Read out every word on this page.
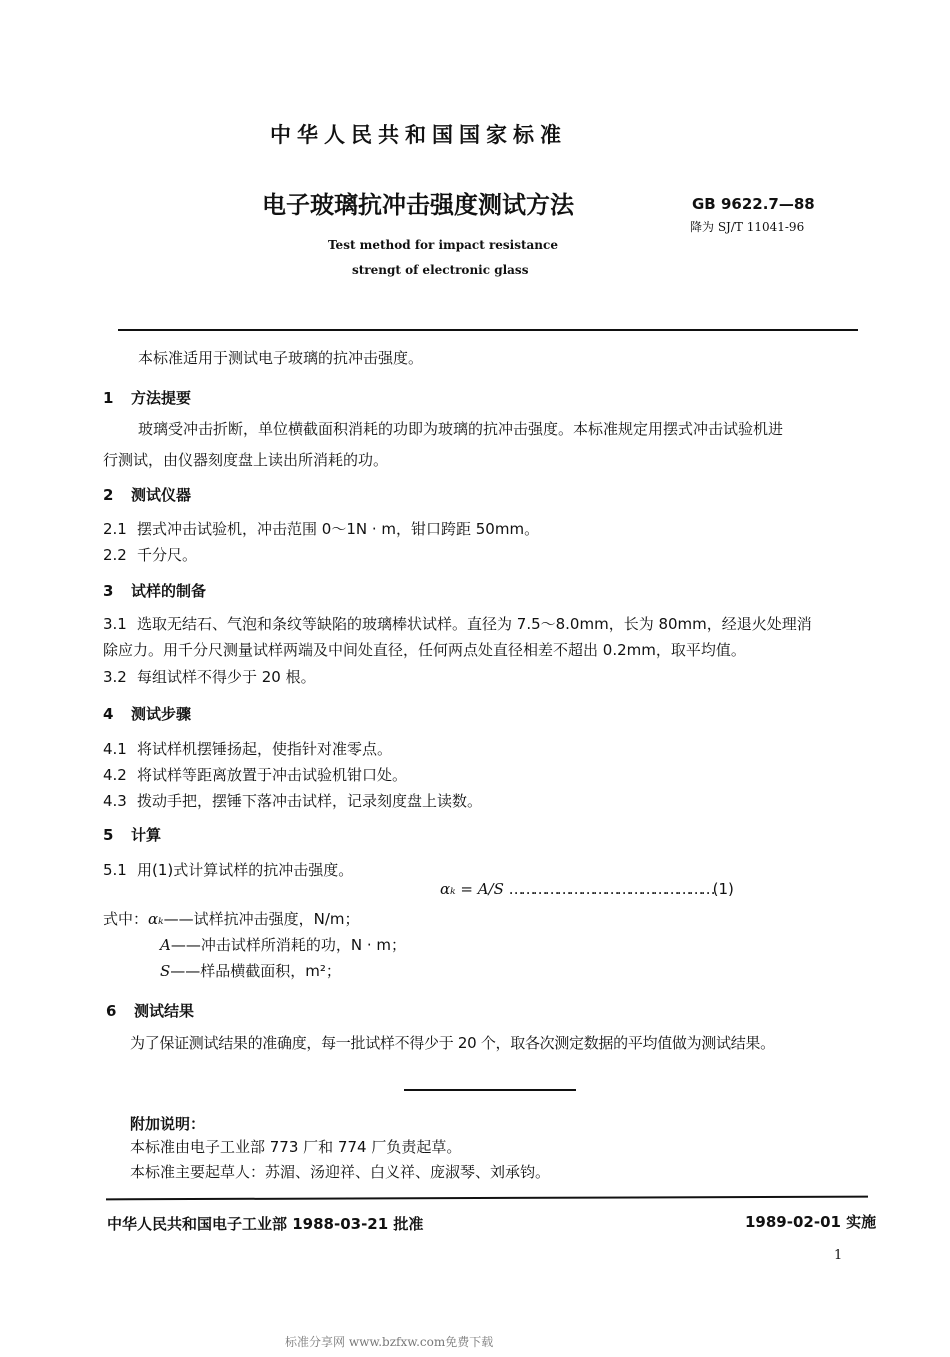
中华人民共和国国家标准
电子玻璃抗冲击强度测试方法	GB 9622.7—88
降为 SJ/T 11041-96
Test method for impact resistance
strengt of electronic glass
本标准适用于测试电子玻璃的抗冲击强度。
1 方法提要
玻璃受冲击折断，单位横截面积消耗的功即为玻璃的抗冲击强度。本标准规定用摆式冲击试验机进
行测试，由仪器刻度盘上读出所消耗的功。
2 测试仪器
2.1 摆式冲击试验机，冲击范围 0～1N · m，钳口跨距 50mm。
2.2 千分尺。
3 试样的制备
3.1 选取无结石、气泡和条纹等缺陷的玻璃棒状试样。直径为 7.5～8.0mm，长为 80mm，经退火处理消
除应力。用千分尺测量试样两端及中间处直径，任何两点处直径相差不超出 0.2mm，取平均值。
3.2 每组试样不得少于 20 根。
4 测试步骤
4.1 将试样机摆锤扬起，使指针对准零点。
4.2 将试样等距离放置于冲击试验机钳口处。
4.3 拨动手把，摆锤下落冲击试样，记录刻度盘上读数。
5 计算
5.1 用(1)式计算试样的抗冲击强度。
αₖ = A/S ……………………………………………(1)
式中：αₖ——试样抗冲击强度，N/m；
A——冲击试样所消耗的功，N · m；
S——样品横截面积，m²；
6 测试结果
为了保证测试结果的准确度，每一批试样不得少于 20 个，取各次测定数据的平均值做为测试结果。
附加说明：
本标准由电子工业部 773 厂和 774 厂负责起草。
本标准主要起草人：苏湄、汤迎祥、白义祥、庞淑琴、刘承钧。
中华人民共和国电子工业部 1988-03-21 批准	1989-02-01 实施
1
标准分享网 www.bzfxw.com免费下载
